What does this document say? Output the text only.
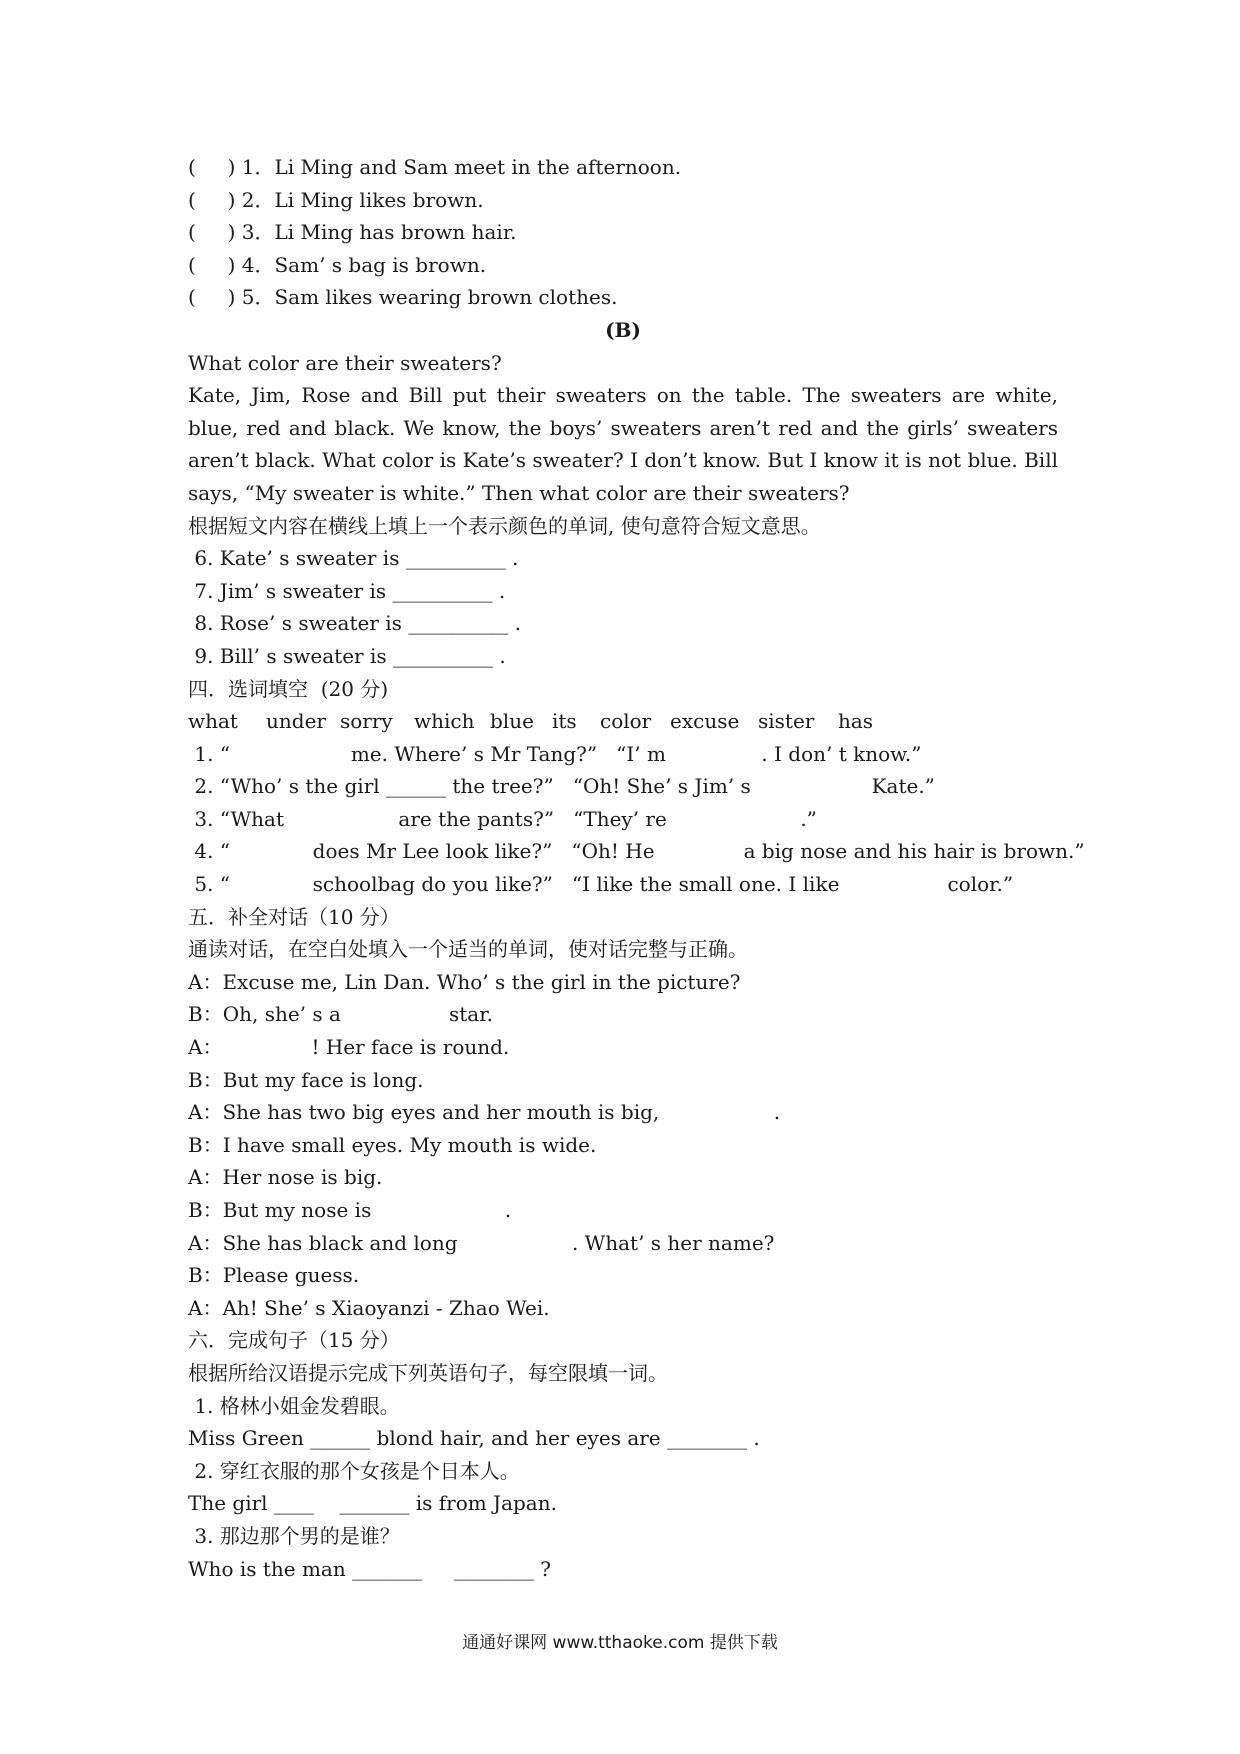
(     ) 1．Li Ming and Sam meet in the afternoon.
(     ) 2．Li Ming likes brown.
(     ) 3．Li Ming has brown hair.
(     ) 4．Sam’ s bag is brown.
(     ) 5．Sam likes wearing brown clothes.
(B)
What color are their sweaters?
Kate, Jim, Rose and Bill put their sweaters on the table. The sweaters are white, blue, red and black. We know, the boys’ sweaters aren’t red and the girls’ sweaters aren’t black. What color is Kate’s sweater? I don’t know. But I know it is not blue. Bill says, “My sweater is white.” Then what color are their sweaters?
根据短文内容在横线上填上一个表示颜色的单词, 使句意符合短文意思。
6. Kate’ s sweater is __________ .
7. Jim’ s sweater is __________ .
8. Rose’ s sweater is __________ .
9. Bill’ s sweater is __________ .
四．选词填空  (20 分)
what	under sorry	which blue its	color excuse sister	has
1. “                   me. Where’ s Mr Tang?”   “I’ m               . I don’ t know.”
2. “Who’ s the girl ______ the tree?”   “Oh! She’ s Jim’ s                   Kate.”
3. “What                  are the pants?”   “They’ re                     .”
4. “             does Mr Lee look like?”   “Oh! He              a big nose and his hair is brown.”
5. “             schoolbag do you like?”   “I like the small one. I like                 color.”
五．补全对话（10 分）
通读对话，在空白处填入一个适当的单词，使对话完整与正确。
A：Excuse me, Lin Dan. Who’ s the girl in the picture?
B：Oh, she’ s a                 star.
A：              ! Her face is round.
B：But my face is long.
A：She has two big eyes and her mouth is big,                  .
B：I have small eyes. My mouth is wide.
A：Her nose is big.
B：But my nose is                     .
A：She has black and long                  . What’ s her name?
B：Please guess.
A：Ah! She’ s Xiaoyanzi - Zhao Wei.
六．完成句子（15 分）
根据所给汉语提示完成下列英语句子，每空限填一词。
1. 格林小姐金发碧眼。
Miss Green ______ blond hair, and her eyes are ________ .
2. 穿红衣服的那个女孩是个日本人。
The girl ____    _______ is from Japan.
3. 那边那个男的是谁？
Who is the man _______     ________ ?
通通好课网 www.tthaoke.com 提供下载
